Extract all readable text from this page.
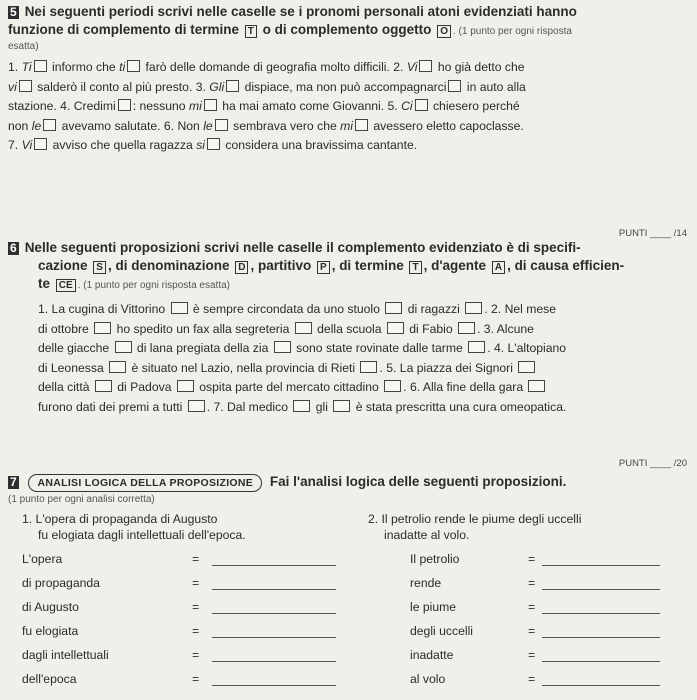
5 Nei seguenti periodi scrivi nelle caselle se i pronomi personali atoni evidenziati hanno
funzione di complemento di termine T o di complemento oggetto O . (1 punto per ogni risposta
esatta)
1. Ti informo che ti farò delle domande di geografia molto difficili. 2. Vi ho già detto che
vi salderò il conto al più presto. 3. Gli dispiace, ma non può accompagnarci in auto alla
stazione. 4. Credimi : nessuno mi ha mai amato come Giovanni. 5. Ci chiesero perché
non le avevamo salutate. 6. Non le sembrava vero che mi avessero eletto capoclasse.
7. Vi avviso che quella ragazza si considera una bravissima cantante.
PUNTI ____ /14
6 Nelle seguenti proposizioni scrivi nelle caselle il complemento evidenziato è di specifi-
cazione S , di denominazione D , partitivo P , di termine T , d'agente A , di causa efficien-
te CE . (1 punto per ogni risposta esatta)
1. La cugina di Vittorino  è sempre circondata da uno stuolo  di ragazzi . 2. Nel mese
di ottobre  ho spedito un fax alla segreteria  della scuola  di Fabio . 3. Alcune
delle giacche  di lana pregiata della zia  sono state rovinate dalle tarme . 4. L'altopiano
di Leonessa  è situato nel Lazio, nella provincia di Rieti . 5. La piazza dei Signori
della città  di Padova  ospita parte del mercato cittadino . 6. Alla fine della gara
furono dati dei premi a tutti . 7. Dal medico  gli  è stata prescritta una cura omeopatica.
PUNTI ____ /20
7 ANALISI LOGICA DELLA PROPOSIZIONE Fai l'analisi logica delle seguenti proposizioni.
(1 punto per ogni analisi corretta)
1. L'opera di propaganda di Augusto
fu elogiata dagli intellettuali dell'epoca.
2. Il petrolio rende le piume degli uccelli
inadatte al volo.
L'opera
di propaganda
di Augusto
fu elogiata
dagli intellettuali
dell'epoca
=
=
=
=
=
=
Il petrolio
rende
le piume
degli uccelli
inadatte
al volo
=
=
=
=
=
=
